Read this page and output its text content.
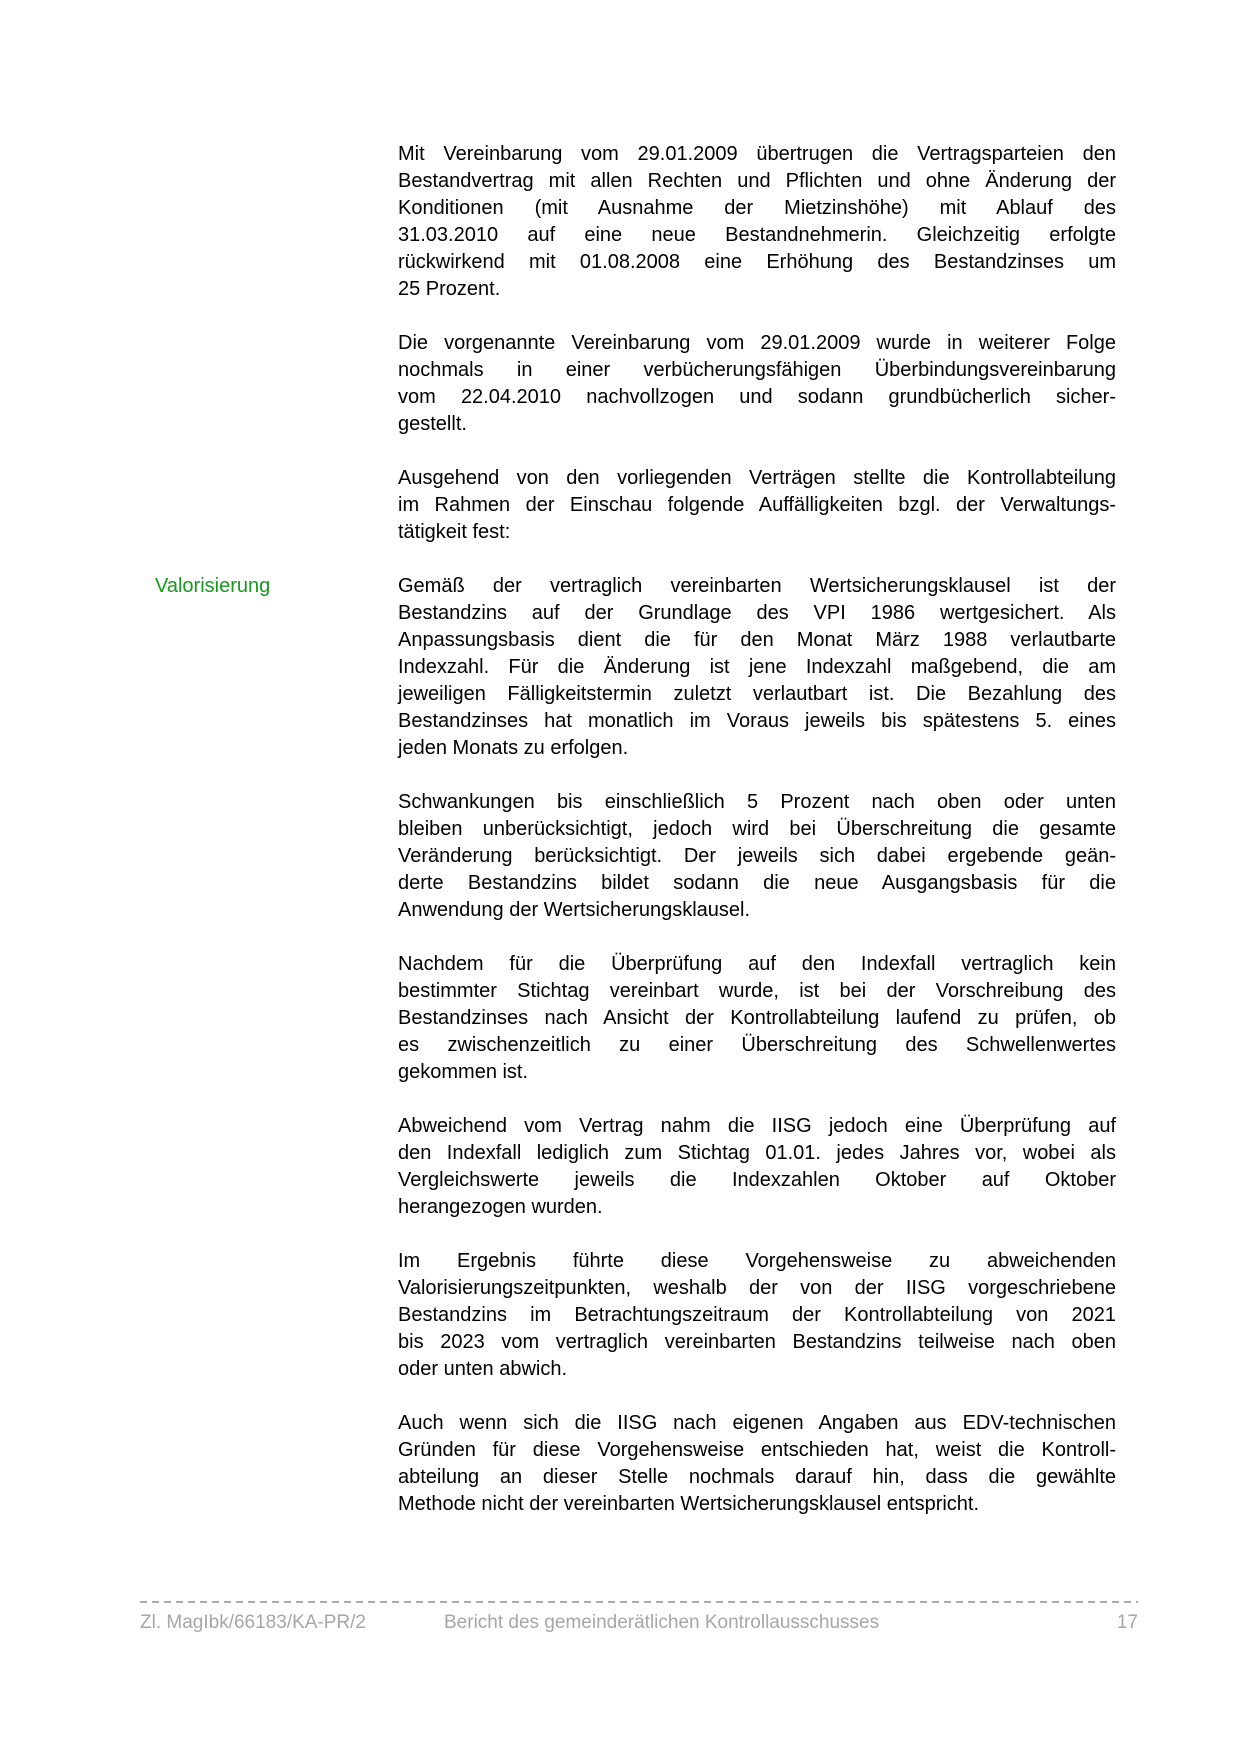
Mit Vereinbarung vom 29.01.2009 übertrugen die Vertragsparteien den
Bestandvertrag mit allen Rechten und Pflichten und ohne Änderung der
Konditionen (mit Ausnahme der Mietzinshöhe) mit Ablauf des
31.03.2010 auf eine neue Bestandnehmerin. Gleichzeitig erfolgte
rückwirkend mit 01.08.2008 eine Erhöhung des Bestandzinses um
25 Prozent.
Die vorgenannte Vereinbarung vom 29.01.2009 wurde in weiterer Folge
nochmals in einer verbücherungsfähigen Überbindungsvereinbarung
vom 22.04.2010 nachvollzogen und sodann grundbücherlich sicher-
gestellt.
Ausgehend von den vorliegenden Verträgen stellte die Kontrollabteilung
im Rahmen der Einschau folgende Auffälligkeiten bzgl. der Verwaltungs-
tätigkeit fest:
Valorisierung	Gemäß der vertraglich vereinbarten Wertsicherungsklausel ist der
Bestandzins auf der Grundlage des VPI 1986 wertgesichert. Als
Anpassungsbasis dient die für den Monat März 1988 verlautbarte
Indexzahl. Für die Änderung ist jene Indexzahl maßgebend, die am
jeweiligen Fälligkeitstermin zuletzt verlautbart ist. Die Bezahlung des
Bestandzinses hat monatlich im Voraus jeweils bis spätestens 5. eines
jeden Monats zu erfolgen.
Schwankungen bis einschließlich 5 Prozent nach oben oder unten
bleiben unberücksichtigt, jedoch wird bei Überschreitung die gesamte
Veränderung berücksichtigt. Der jeweils sich dabei ergebende geän-
derte Bestandzins bildet sodann die neue Ausgangsbasis für die
Anwendung der Wertsicherungsklausel.
Nachdem für die Überprüfung auf den Indexfall vertraglich kein
bestimmter Stichtag vereinbart wurde, ist bei der Vorschreibung des
Bestandzinses nach Ansicht der Kontrollabteilung laufend zu prüfen, ob
es zwischenzeitlich zu einer Überschreitung des Schwellenwertes
gekommen ist.
Abweichend vom Vertrag nahm die IISG jedoch eine Überprüfung auf
den Indexfall lediglich zum Stichtag 01.01. jedes Jahres vor, wobei als
Vergleichswerte jeweils die Indexzahlen Oktober auf Oktober
herangezogen wurden.
Im Ergebnis führte diese Vorgehensweise zu abweichenden
Valorisierungszeitpunkten, weshalb der von der IISG vorgeschriebene
Bestandzins im Betrachtungszeitraum der Kontrollabteilung von 2021
bis 2023 vom vertraglich vereinbarten Bestandzins teilweise nach oben
oder unten abwich.
Auch wenn sich die IISG nach eigenen Angaben aus EDV-technischen
Gründen für diese Vorgehensweise entschieden hat, weist die Kontroll-
abteilung an dieser Stelle nochmals darauf hin, dass die gewählte
Methode nicht der vereinbarten Wertsicherungsklausel entspricht.
Zl. MagIbk/66183/KA-PR/2	Bericht des gemeinderätlichen Kontrollausschusses	17
